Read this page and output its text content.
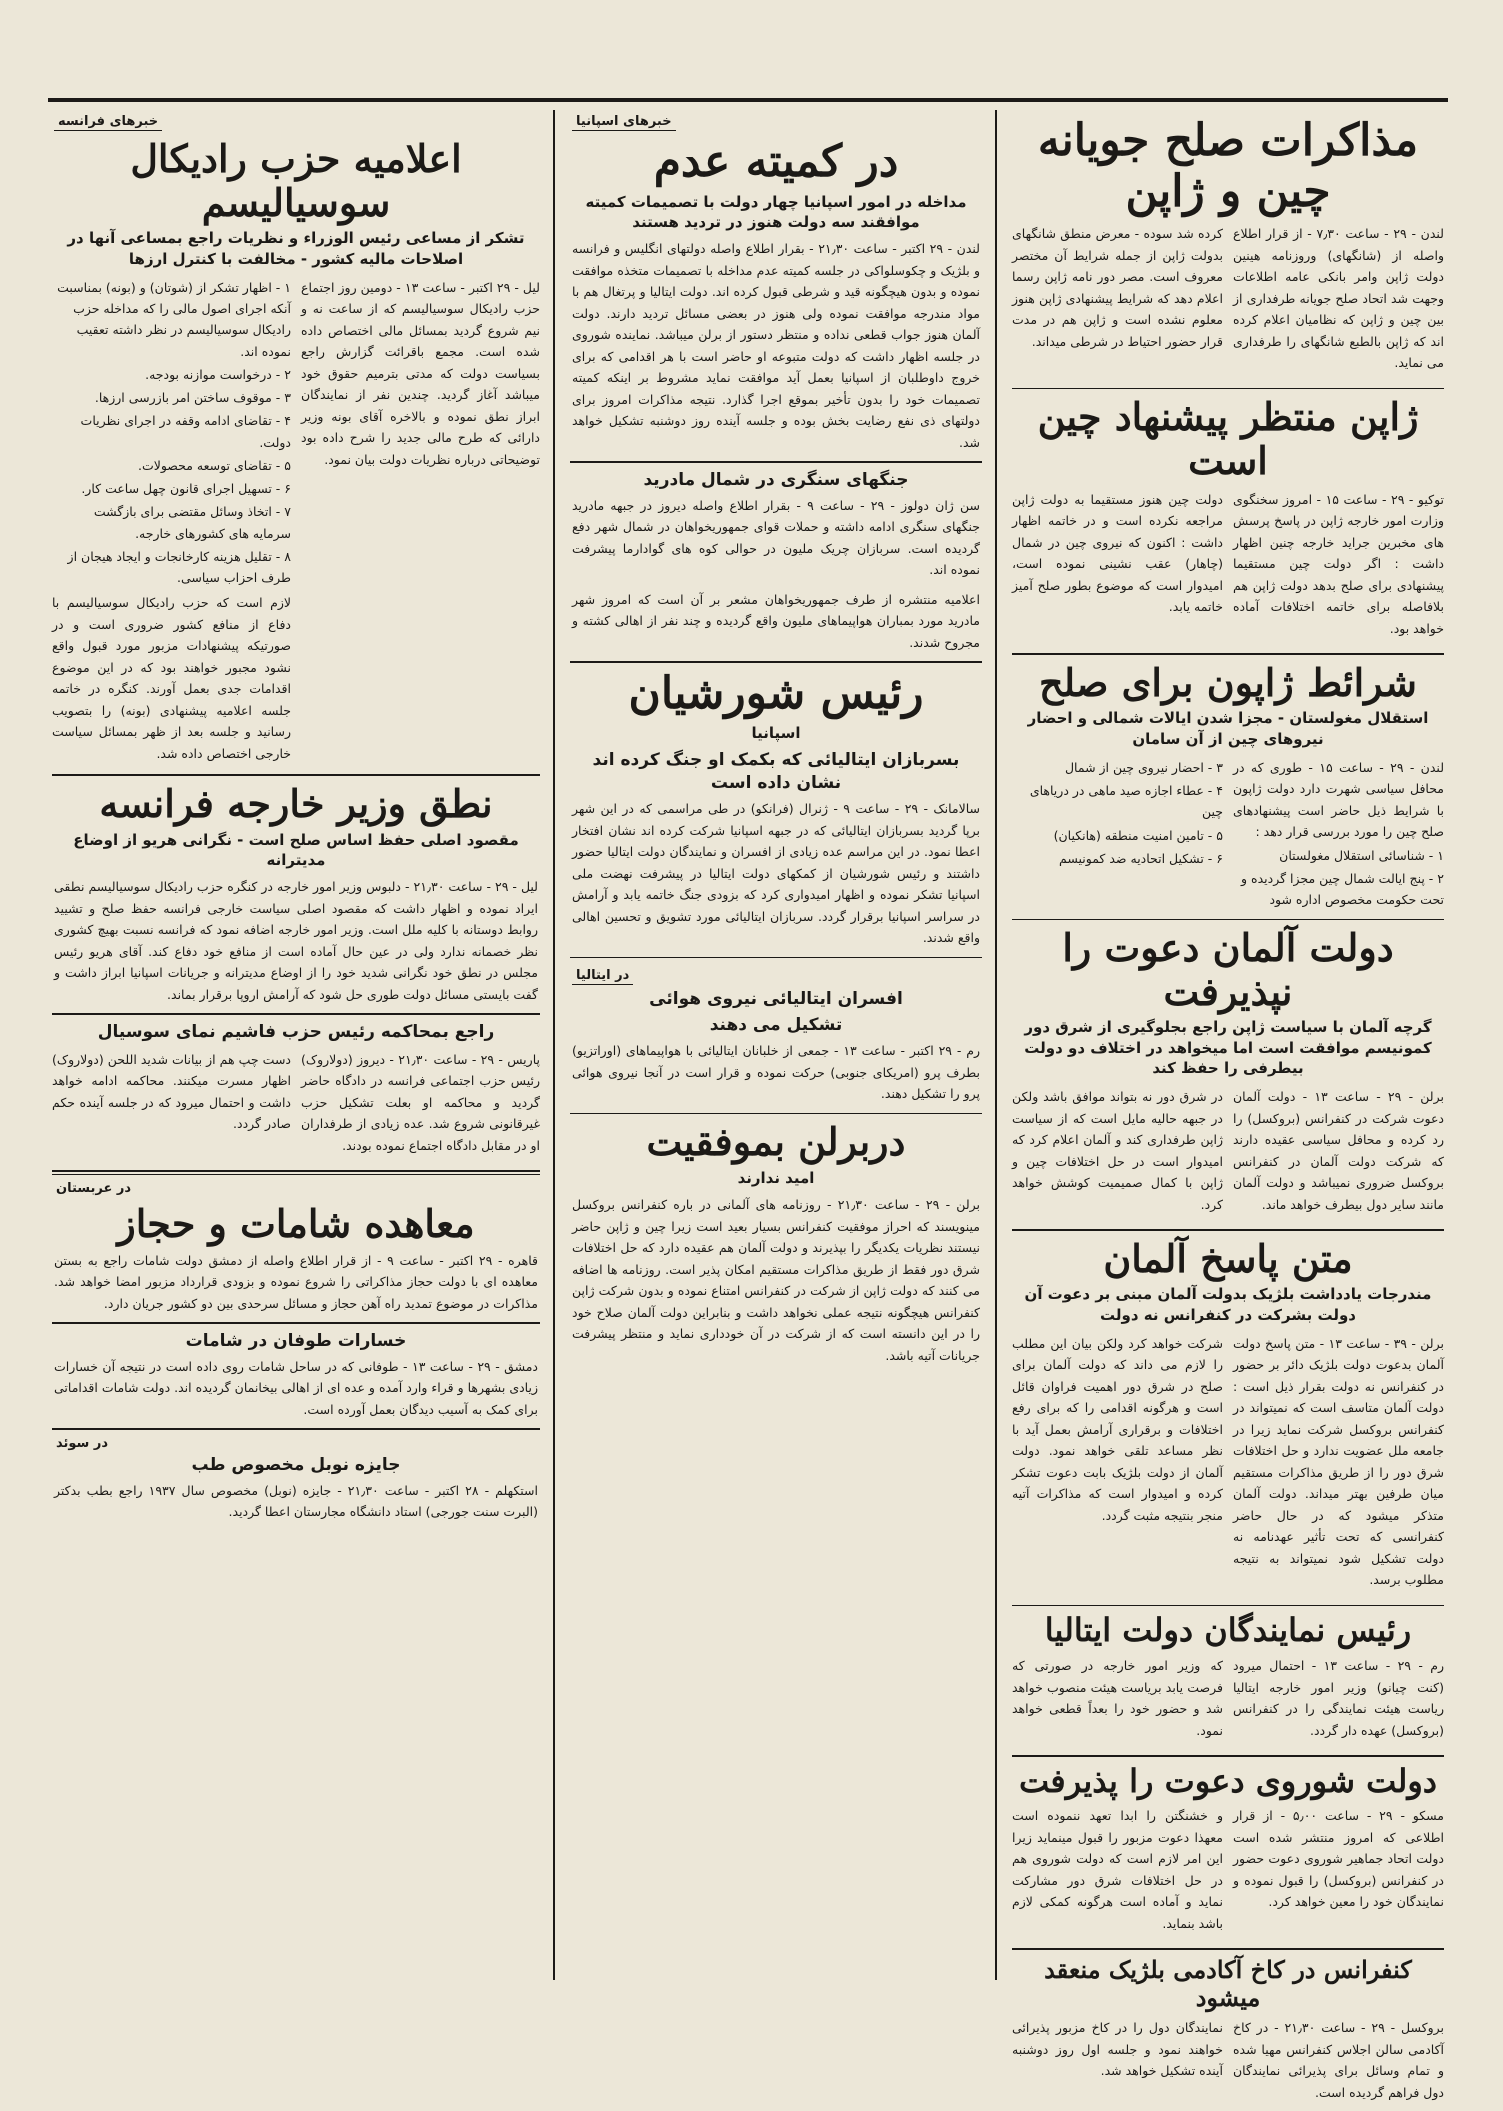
مذاکرات صلح جویانه چین و ژاپن
لندن - ۲۹ - ساعت ۷٫۳۰ - از قرار اطلاع واصله از (شانگهای) وروزنامه هینین دولت ژاپن وامر بانکی عامه اطلاعات وجهت شد اتحاد صلح جویانه طرفداری از بین چین و ژاپن که نظامیان اعلام کرده اند که ژاپن بالطبع شانگهای را طرفداری می نماید.
کرده شد سوده - معرض منطق شانگهای بدولت ژاپن از جمله شرایط آن مختصر معروف است. مصر دور نامه ژاپن رسما اعلام دهد که شرایط پیشنهادی ژاپن هنوز معلوم نشده است و ژاپن هم در مدت قرار حضور احتیاط در شرطی میداند.
ژاپن منتظر پیشنهاد چین است
توکیو - ۲۹ - ساعت ۱۵ - امروز سخنگوی وزارت امور خارجه ژاپن در پاسخ پرسش های مخبرین جراید خارجه چنین اظهار داشت : اگر دولت چین مستقیما پیشنهادی برای صلح بدهد دولت ژاپن هم بلافاصله برای خاتمه اختلافات آماده خواهد بود.
دولت چین هنوز مستقیما به دولت ژاپن مراجعه نکرده است و در خاتمه اظهار داشت : اکنون که نیروی چین در شمال (چاهار) عقب نشینی نموده است، امیدوار است که موضوع بطور صلح آمیز خاتمه یابد.
شرائط ژاپون برای صلح
استقلال مغولستان - مجزا شدن ایالات شمالی و احضار نیروهای چین از آن سامان
لندن - ۲۹ - ساعت ۱۵ - طوری که در محافل سیاسی شهرت دارد دولت ژاپون با شرایط ذیل حاضر است پیشنهادهای صلح چین را مورد بررسی قرار دهد :
۱ - شناسائی استقلال مغولستان
۲ - پنج ایالت شمال چین مجزا گردیده و تحت حکومت مخصوص اداره شود
۳ - احضار نیروی چین از شمال
۴ - عطاء اجازه صید ماهی در دریاهای چین
۵ - تامین امنیت منطقه (هانکیان)
۶ - تشکیل اتحادیه ضد کمونیسم
دولت آلمان دعوت را نپذیرفت
گرچه آلمان با سیاست ژاپن راجع بجلوگیری از شرق دور کمونیسم موافقت است اما میخواهد در اختلاف دو دولت بیطرفی را حفظ کند
برلن - ۲۹ - ساعت ۱۳ - دولت آلمان دعوت شرکت در کنفرانس (بروکسل) را رد کرده و محافل سیاسی عقیده دارند که شرکت دولت آلمان در کنفرانس بروکسل ضروری نمیباشد و دولت آلمان مانند سایر دول بیطرف خواهد ماند.
در شرق دور نه بتواند موافق باشد ولکن در جبهه حالیه مایل است که از سیاست ژاپن طرفداری کند و آلمان اعلام کرد که امیدوار است در حل اختلافات چین و ژاپن با کمال صمیمیت کوشش خواهد کرد.
متن پاسخ آلمان
مندرجات یادداشت بلژیک بدولت آلمان مبنی بر دعوت آن دولت بشرکت در کنفرانس نه دولت
برلن - ۳۹ - ساعت ۱۳ - متن پاسخ دولت آلمان بدعوت دولت بلژیک دائر بر حضور در کنفرانس نه دولت بقرار ذیل است : دولت آلمان متاسف است که نمیتواند در کنفرانس بروکسل شرکت نماید زیرا در جامعه ملل عضویت ندارد و حل اختلافات شرق دور را از طریق مذاکرات مستقیم میان طرفین بهتر میداند. دولت آلمان متذکر میشود که در حال حاضر کنفرانسی که تحت تأثیر عهدنامه نه دولت تشکیل شود نمیتواند به نتیجه مطلوب برسد.
شرکت خواهد کرد ولکن بیان این مطلب را لازم می داند که دولت آلمان برای صلح در شرق دور اهمیت فراوان قائل است و هرگونه اقدامی را که برای رفع اختلافات و برقراری آرامش بعمل آید با نظر مساعد تلقی خواهد نمود. دولت آلمان از دولت بلژیک بابت دعوت تشکر کرده و امیدوار است که مذاکرات آتیه منجر بنتیجه مثبت گردد.
رئیس نمایندگان دولت ایتالیا
رم - ۲۹ - ساعت ۱۳ - احتمال میرود (کنت چیانو) وزیر امور خارجه ایتالیا ریاست هیئت نمایندگی را در کنفرانس (بروکسل) عهده دار گردد.
که وزیر امور خارجه در صورتی که فرصت یابد بریاست هیئت منصوب خواهد شد و حضور خود را بعداً قطعی خواهد نمود.
دولت شوروی دعوت را پذیرفت
مسکو - ۲۹ - ساعت ۵٫۰۰ - از قرار اطلاعی که امروز منتشر شده است دولت اتحاد جماهیر شوروی دعوت حضور در کنفرانس (بروکسل) را قبول نموده و نمایندگان خود را معین خواهد کرد.
و خشنگتن را ابدا تعهد ننموده است معهذا دعوت مزبور را قبول مینماید زیرا این امر لازم است که دولت شوروی هم در حل اختلافات شرق دور مشارکت نماید و آماده است هرگونه کمکی لازم باشد بنماید.
کنفرانس در کاخ آکادمی بلژیک منعقد میشود
بروکسل - ۲۹ - ساعت ۲۱٫۳۰ - در کاخ آکادمی سالن اجلاس کنفرانس مهیا شده و تمام وسائل برای پذیرائی نمایندگان دول فراهم گردیده است.
نمایندگان دول را در کاخ مزبور پذیرائی خواهند نمود و جلسه اول روز دوشنبه آینده تشکیل خواهد شد.
خبرهای اسپانیا
در کمیته عدم
مداخله در امور اسپانیا چهار دولت با تصمیمات کمیته موافقند سه دولت هنوز در تردید هستند
لندن - ۲۹ اکتبر - ساعت ۲۱٫۳۰ - بقرار اطلاع واصله دولتهای انگلیس و فرانسه و بلژیک و چکوسلواکی در جلسه کمیته عدم مداخله با تصمیمات متخذه موافقت نموده و بدون هیچگونه قید و شرطی قبول کرده اند. دولت ایتالیا و پرتغال هم با مواد مندرجه موافقت نموده ولی هنوز در بعضی مسائل تردید دارند. دولت آلمان هنوز جواب قطعی نداده و منتظر دستور از برلن میباشد. نماینده شوروی در جلسه اظهار داشت که دولت متبوعه او حاضر است با هر اقدامی که برای خروج داوطلبان از اسپانیا بعمل آید موافقت نماید مشروط بر اینکه کمیته تصمیمات خود را بدون تأخیر بموقع اجرا گذارد. نتیجه مذاکرات امروز برای دولتهای ذی نفع رضایت بخش بوده و جلسه آینده روز دوشنبه تشکیل خواهد شد.
جنگهای سنگری در شمال مادرید
سن ژان دولوز - ۲۹ - ساعت ۹ - بقرار اطلاع واصله دیروز در جبهه مادرید جنگهای سنگری ادامه داشته و حملات قوای جمهوریخواهان در شمال شهر دفع گردیده است. سربازان چریک ملیون در حوالی کوه های گوادارما پیشرفت نموده اند.
اعلامیه منتشره از طرف جمهوریخواهان مشعر بر آن است که امروز شهر مادرید مورد بمباران هواپیماهای ملیون واقع گردیده و چند نفر از اهالی کشته و مجروح شدند.
رئیس شورشیان
اسپانیا
بسربازان ایتالیائی که بکمک او جنگ کرده اند نشان داده است
سالامانک - ۲۹ - ساعت ۹ - ژنرال (فرانکو) در طی مراسمی که در این شهر برپا گردید بسربازان ایتالیائی که در جبهه اسپانیا شرکت کرده اند نشان افتخار اعطا نمود. در این مراسم عده زیادی از افسران و نمایندگان دولت ایتالیا حضور داشتند و رئیس شورشیان از کمکهای دولت ایتالیا در پیشرفت نهضت ملی اسپانیا تشکر نموده و اظهار امیدواری کرد که بزودی جنگ خاتمه یابد و آرامش در سراسر اسپانیا برقرار گردد. سربازان ایتالیائی مورد تشویق و تحسین اهالی واقع شدند.
در ایتالیا
افسران ایتالیائی نیروی هوائی
تشکیل می دهند
رم - ۲۹ اکتبر - ساعت ۱۳ - جمعی از خلبانان ایتالیائی با هواپیماهای (اوراتزیو) بطرف پرو (امریکای جنوبی) حرکت نموده و قرار است در آنجا نیروی هوائی پرو را تشکیل دهند.
دربرلن بموفقیت
امید ندارند
برلن - ۲۹ - ساعت ۲۱٫۳۰ - روزنامه های آلمانی در باره کنفرانس بروکسل مینویسند که احراز موفقیت کنفرانس بسیار بعید است زیرا چین و ژاپن حاضر نیستند نظریات یکدیگر را بپذیرند و دولت آلمان هم عقیده دارد که حل اختلافات شرق دور فقط از طریق مذاکرات مستقیم امکان پذیر است. روزنامه ها اضافه می کنند که دولت ژاپن از شرکت در کنفرانس امتناع نموده و بدون شرکت ژاپن کنفرانس هیچگونه نتیجه عملی نخواهد داشت و بنابراین دولت آلمان صلاح خود را در این دانسته است که از شرکت در آن خودداری نماید و منتظر پیشرفت جریانات آتیه باشد.
خبرهای فرانسه
اعلامیه حزب رادیکال سوسیالیسم
تشکر از مساعی رئیس الوزراء و نظریات راجع بمساعی آنها در اصلاحات مالیه کشور - مخالفت با کنترل ارزها
لیل - ۲۹ اکتبر - ساعت ۱۳ - دومین روز اجتماع حزب رادیکال سوسیالیسم که از ساعت نه و نیم شروع گردید بمسائل مالی اختصاص داده شده است. مجمع باقرائت گزارش راجع بسیاست دولت که مدتی بترمیم حقوق خود میباشد آغاز گردید. چندین نفر از نمایندگان ابراز نطق نموده و بالاخره آقای بونه وزیر دارائی که طرح مالی جدید را شرح داده بود توضیحاتی درباره نظریات دولت بیان نمود.
۱ - اظهار تشکر از (شوتان) و (بونه) بمناسبت آنکه اجرای اصول مالی را که مداخله حزب رادیکال سوسیالیسم در نظر داشته تعقیب نموده اند.
۲ - درخواست موازنه بودجه.
۳ - موقوف ساختن امر بازرسی ارزها.
۴ - تقاضای ادامه وقفه در اجرای نظریات دولت.
۵ - تقاضای توسعه محصولات.
۶ - تسهیل اجرای قانون چهل ساعت کار.
۷ - اتخاذ وسائل مقتضی برای بازگشت سرمایه های کشورهای خارجه.
۸ - تقلیل هزینه کارخانجات و ایجاد هیجان از طرف احزاب سیاسی.
لازم است که حزب رادیکال سوسیالیسم با دفاع از منافع کشور ضروری است و در صورتیکه پیشنهادات مزبور مورد قبول واقع نشود مجبور خواهند بود که در این موضوع اقدامات جدی بعمل آورند. کنگره در خاتمه جلسه اعلامیه پیشنهادی (بونه) را بتصویب رسانید و جلسه بعد از ظهر بمسائل سیاست خارجی اختصاص داده شد.
نطق وزیر خارجه فرانسه
مقصود اصلی حفظ اساس صلح است - نگرانی هریو از اوضاع مدیترانه
لیل - ۲۹ - ساعت ۲۱٫۳۰ - دلبوس وزیر امور خارجه در کنگره حزب رادیکال سوسیالیسم نطقی ایراد نموده و اظهار داشت که مقصود اصلی سیاست خارجی فرانسه حفظ صلح و تشیید روابط دوستانه با کلیه ملل است. وزیر امور خارجه اضافه نمود که فرانسه نسبت بهیچ کشوری نظر خصمانه ندارد ولی در عین حال آماده است از منافع خود دفاع کند. آقای هریو رئیس مجلس در نطق خود نگرانی شدید خود را از اوضاع مدیترانه و جریانات اسپانیا ابراز داشت و گفت بایستی مسائل دولت طوری حل شود که آرامش اروپا برقرار بماند.
راجع بمحاکمه رئیس حزب فاشیم نمای سوسیال
پاریس - ۲۹ - ساعت ۲۱٫۳۰ - دیروز (دولاروک) رئیس حزب اجتماعی فرانسه در دادگاه حاضر گردید و محاکمه او بعلت تشکیل حزب غیرقانونی شروع شد. عده زیادی از طرفداران او در مقابل دادگاه اجتماع نموده بودند.
دست چپ هم از بیانات شدید اللحن (دولاروک) اظهار مسرت میکنند. محاکمه ادامه خواهد داشت و احتمال میرود که در جلسه آینده حکم صادر گردد.
در عربستان
معاهده شامات و حجاز
قاهره - ۲۹ اکتبر - ساعت ۹ - از قرار اطلاع واصله از دمشق دولت شامات راجع به بستن معاهده ای با دولت حجاز مذاکراتی را شروع نموده و بزودی قرارداد مزبور امضا خواهد شد. مذاکرات در موضوع تمدید راه آهن حجاز و مسائل سرحدی بین دو کشور جریان دارد.
خسارات طوفان در شامات
دمشق - ۲۹ - ساعت ۱۳ - طوفانی که در ساحل شامات روی داده است در نتیجه آن خسارات زیادی بشهرها و قراء وارد آمده و عده ای از اهالی بیخانمان گردیده اند. دولت شامات اقداماتی برای کمک به آسیب دیدگان بعمل آورده است.
در سوئد
جایزه نوبل مخصوص طب
استکهلم - ۲۸ اکتبر - ساعت ۲۱٫۳۰ - جایزه (نوبل) مخصوص سال ۱۹۳۷ راجع بطب بدکتر (البرت سنت جورجی) استاد دانشگاه مجارستان اعطا گردید.
